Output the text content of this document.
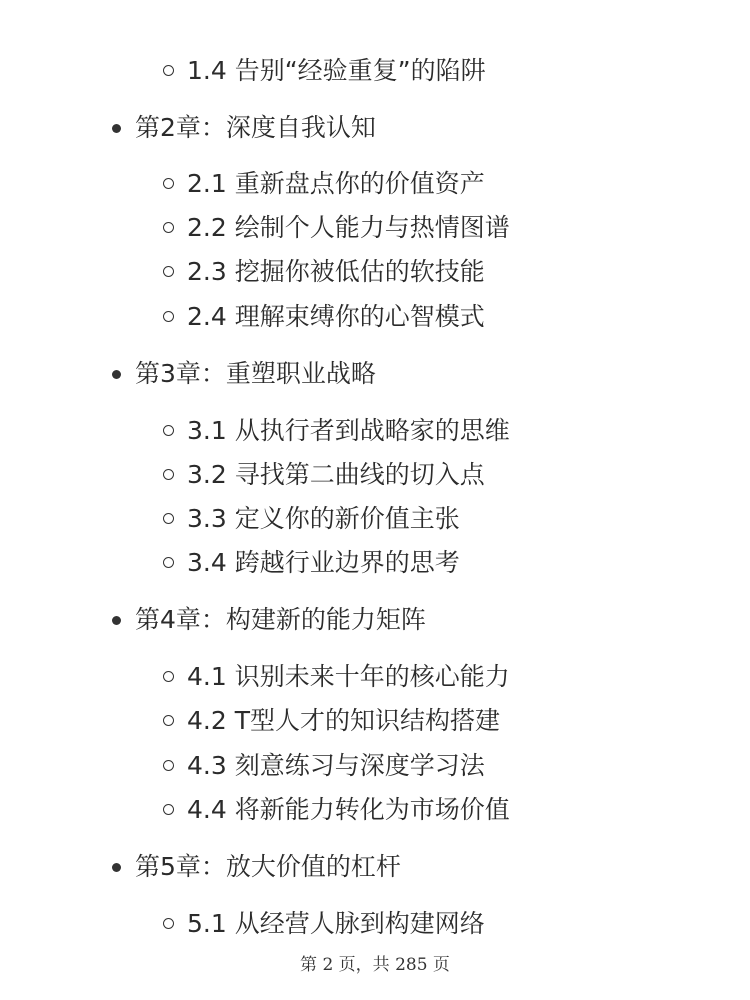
1.4 告别“经验重复”的陷阱
第2章：深度自我认知
2.1 重新盘点你的价值资产
2.2 绘制个人能力与热情图谱
2.3 挖掘你被低估的软技能
2.4 理解束缚你的心智模式
第3章：重塑职业战略
3.1 从执行者到战略家的思维
3.2 寻找第二曲线的切入点
3.3 定义你的新价值主张
3.4 跨越行业边界的思考
第4章：构建新的能力矩阵
4.1 识别未来十年的核心能力
4.2 T型人才的知识结构搭建
4.3 刻意练习与深度学习法
4.4 将新能力转化为市场价值
第5章：放大价值的杠杆
5.1 从经营人脉到构建网络
第 2 页，共 285 页
